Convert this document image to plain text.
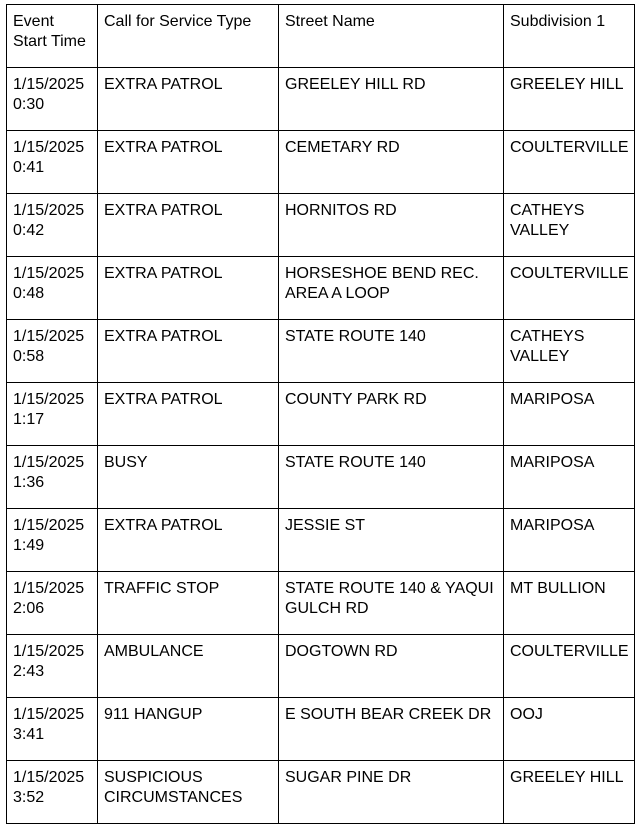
Event
Start Time	Call for Service Type	Street Name	Subdivision 1

1/15/2025
0:30	EXTRA PATROL	GREELEY HILL RD	GREELEY HILL

1/15/2025
0:41	EXTRA PATROL	CEMETARY RD	COULTERVILLE

1/15/2025
0:42	EXTRA PATROL	HORNITOS RD	CATHEYS
VALLEY

1/15/2025
0:48	EXTRA PATROL	HORSESHOE BEND REC.
AREA A LOOP	COULTERVILLE

1/15/2025
0:58	EXTRA PATROL	STATE ROUTE 140	CATHEYS
VALLEY

1/15/2025
1:17	EXTRA PATROL	COUNTY PARK RD	MARIPOSA

1/15/2025
1:36	BUSY	STATE ROUTE 140	MARIPOSA

1/15/2025
1:49	EXTRA PATROL	JESSIE ST	MARIPOSA

1/15/2025
2:06	TRAFFIC STOP	STATE ROUTE 140 & YAQUI
GULCH RD	MT BULLION

1/15/2025
2:43	AMBULANCE	DOGTOWN RD	COULTERVILLE

1/15/2025
3:41	911 HANGUP	E SOUTH BEAR CREEK DR	OOJ

1/15/2025
3:52	SUSPICIOUS
CIRCUMSTANCES	SUGAR PINE DR	GREELEY HILL
